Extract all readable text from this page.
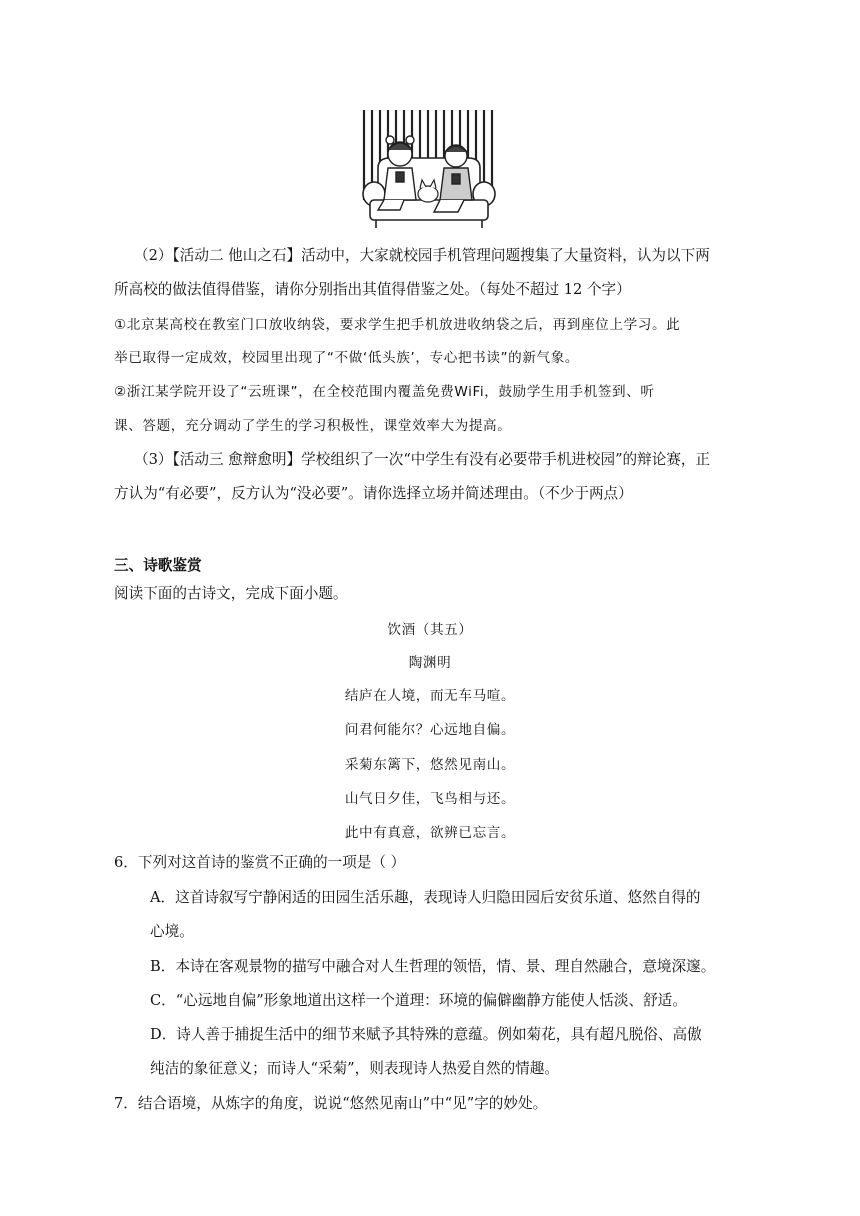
（2）【活动二 他山之石】活动中，大家就校园手机管理问题搜集了大量资料，认为以下两
所高校的做法值得借鉴，请你分别指出其值得借鉴之处。（每处不超过 12 个字）
①北京某高校在教室门口放收纳袋，要求学生把手机放进收纳袋之后，再到座位上学习。此
举已取得一定成效，校园里出现了“不做‘低头族’，专心把书读”的新气象。
②浙江某学院开设了“云班课”，在全校范围内覆盖免费WiFi，鼓励学生用手机签到、听
课、答题，充分调动了学生的学习积极性，课堂效率大为提高。
（3）【活动三 愈辩愈明】学校组织了一次“中学生有没有必要带手机进校园”的辩论赛，正
方认为“有必要”，反方认为“没必要”。请你选择立场并简述理由。（不少于两点）
三、诗歌鉴赏
阅读下面的古诗文，完成下面小题。
饮酒（其五）
陶渊明
结庐在人境，而无车马喧。
问君何能尔？心远地自偏。
采菊东篱下，悠然见南山。
山气日夕佳，飞鸟相与还。
此中有真意，欲辨已忘言。
6．下列对这首诗的鉴赏不正确的一项是（ ）
A．这首诗叙写宁静闲适的田园生活乐趣，表现诗人归隐田园后安贫乐道、悠然自得的
心境。
B．本诗在客观景物的描写中融合对人生哲理的领悟，情、景、理自然融合，意境深邃。
C．“心远地自偏”形象地道出这样一个道理：环境的偏僻幽静方能使人恬淡、舒适。
D．诗人善于捕捉生活中的细节来赋予其特殊的意蕴。例如菊花，具有超凡脱俗、高傲
纯洁的象征意义；而诗人“采菊”，则表现诗人热爱自然的情趣。
7．结合语境，从炼字的角度，说说“悠然见南山”中“见”字的妙处。
